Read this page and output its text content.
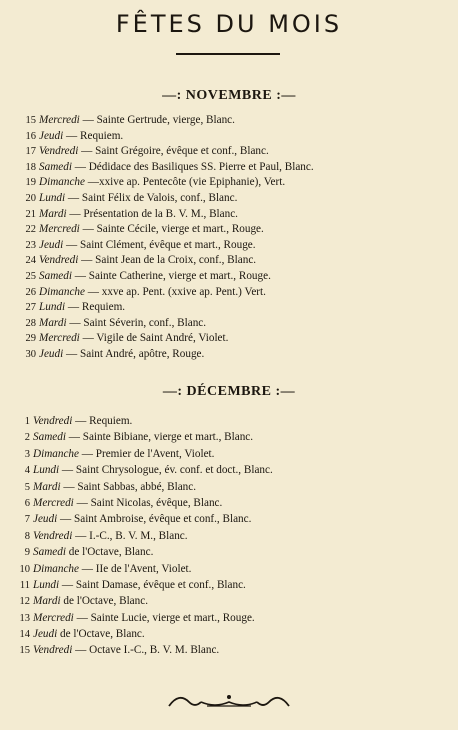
FÊTES DU MOIS
—: NOVEMBRE :—
15 Mercredi — Sainte Gertrude, vierge, Blanc.
16 Jeudi — Requiem.
17 Vendredi — Saint Grégoire, évêque et conf., Blanc.
18 Samedi — Dédidace des Basiliques SS. Pierre et Paul, Blanc.
19 Dimanche —xxive ap. Pentecôte (vie Epiphanie), Vert.
20 Lundi — Saint Félix de Valois, conf., Blanc.
21 Mardi — Présentation de la B. V. M., Blanc.
22 Mercredi — Sainte Cécile, vierge et mart., Rouge.
23 Jeudi — Saint Clément, évêque et mart., Rouge.
24 Vendredi — Saint Jean de la Croix, conf., Blanc.
25 Samedi — Sainte Catherine, vierge et mart., Rouge.
26 Dimanche — xxve ap. Pent. (xxive ap. Pent.) Vert.
27 Lundi — Requiem.
28 Mardi — Saint Séverin, conf., Blanc.
29 Mercredi — Vigile de Saint André, Violet.
30 Jeudi — Saint André, apôtre, Rouge.
—: DÉCEMBRE :—
1 Vendredi — Requiem.
2 Samedi — Sainte Bibiane, vierge et mart., Blanc.
3 Dimanche — Premier de l'Avent, Violet.
4 Lundi — Saint Chrysologue, év. conf. et doct., Blanc.
5 Mardi — Saint Sabbas, abbé, Blanc.
6 Mercredi — Saint Nicolas, évêque, Blanc.
7 Jeudi — Saint Ambroise, évêque et conf., Blanc.
8 Vendredi — I.-C., B. V. M., Blanc.
9 Samedi de l'Octave, Blanc.
10 Dimanche — IIe de l'Avent, Violet.
11 Lundi — Saint Damase, évêque et conf., Blanc.
12 Mardi de l'Octave, Blanc.
13 Mercredi — Sainte Lucie, vierge et mart., Rouge.
14 Jeudi de l'Octave, Blanc.
15 Vendredi — Octave I.-C., B. V. M. Blanc.
